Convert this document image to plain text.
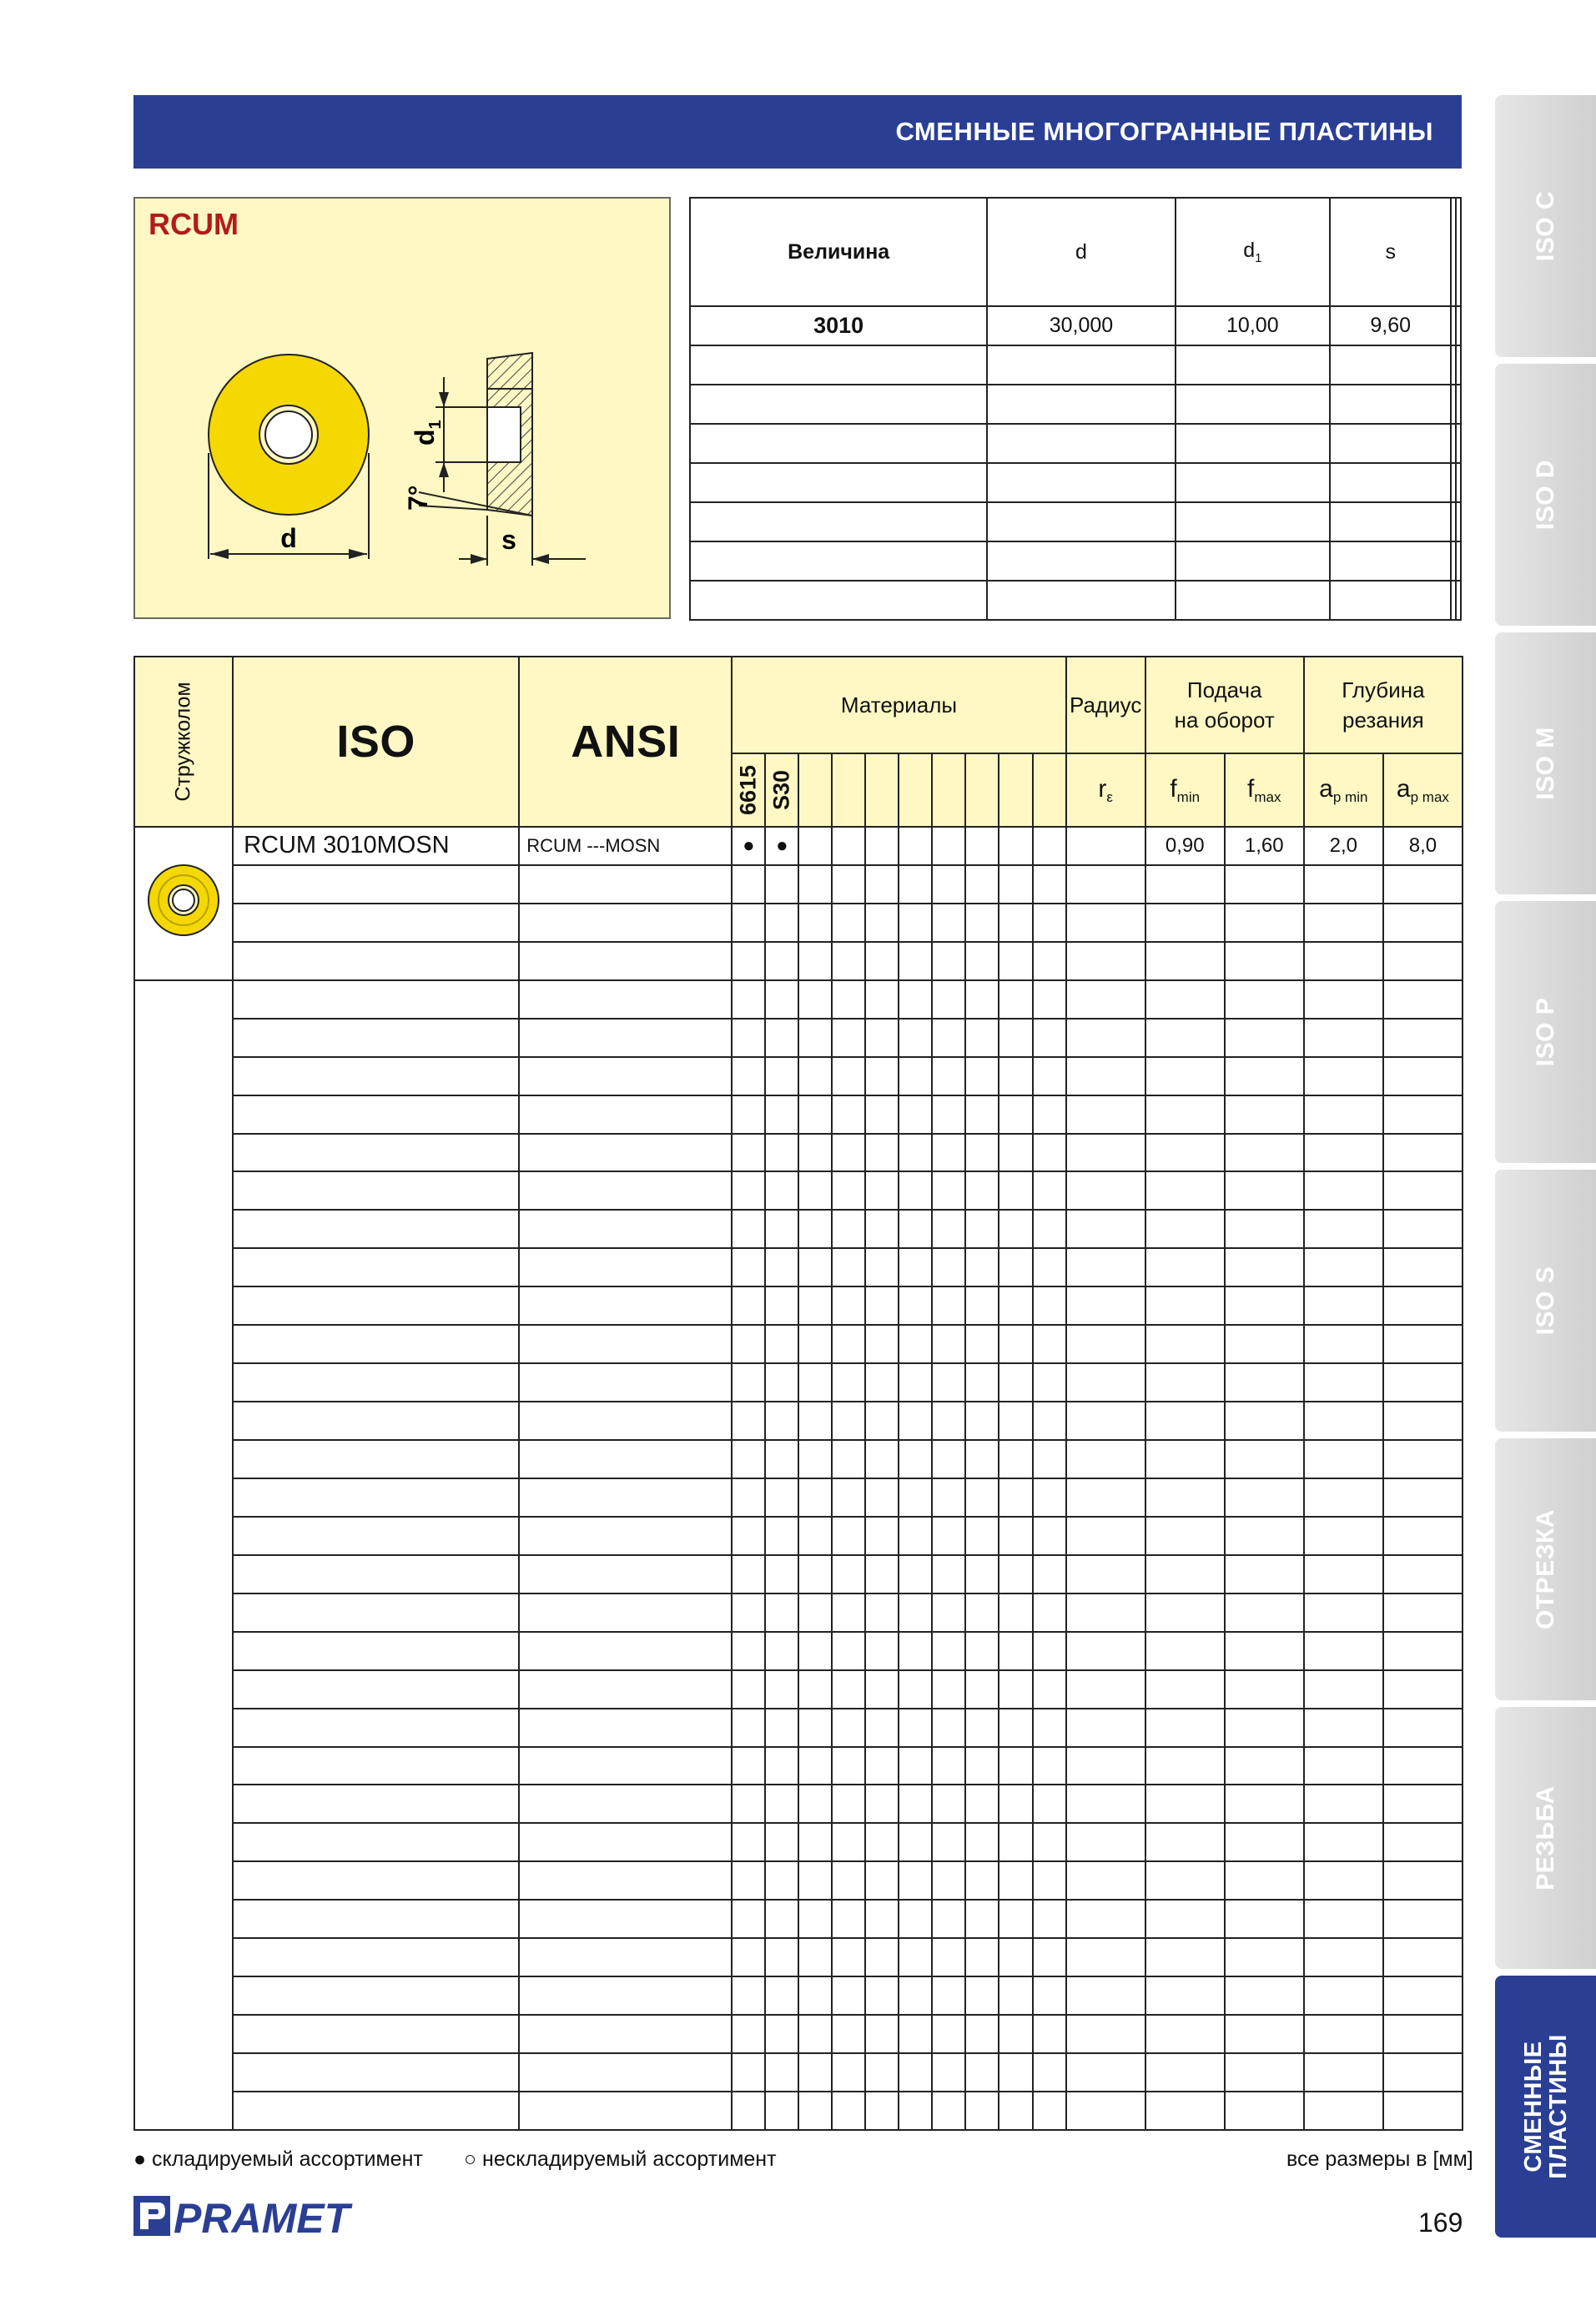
СМЕННЫЕ МНОГОГРАННЫЕ ПЛАСТИНЫ
ISO C
ISO D
ISO M
ISO P
ISO S
ОТРЕЗКА
РЕЗЬБА
СМЕННЫЕ
ПЛАСТИНЫ
RCUM
d
$d_1$
7°
s
Величина	d	$d_1$	s		
3010	30,000	10,00	9,60		

Стружколом	ISO	ANSI	Материалы										Радиус	Подача
на оборот		Глубина
резания	

			6615	S30									$r_\varepsilon$	$f_{min}$	$f_{max}$	$a_{p min}$	$a_{p max}$
	RCUM 3010MOSN	RCUM ---MOSN	●	●										0,90	1,60	2,0	8,0

● складируемый ассортимент ○ нескладируемый ассортимент	все размеры в [мм]
PRAMET	169
